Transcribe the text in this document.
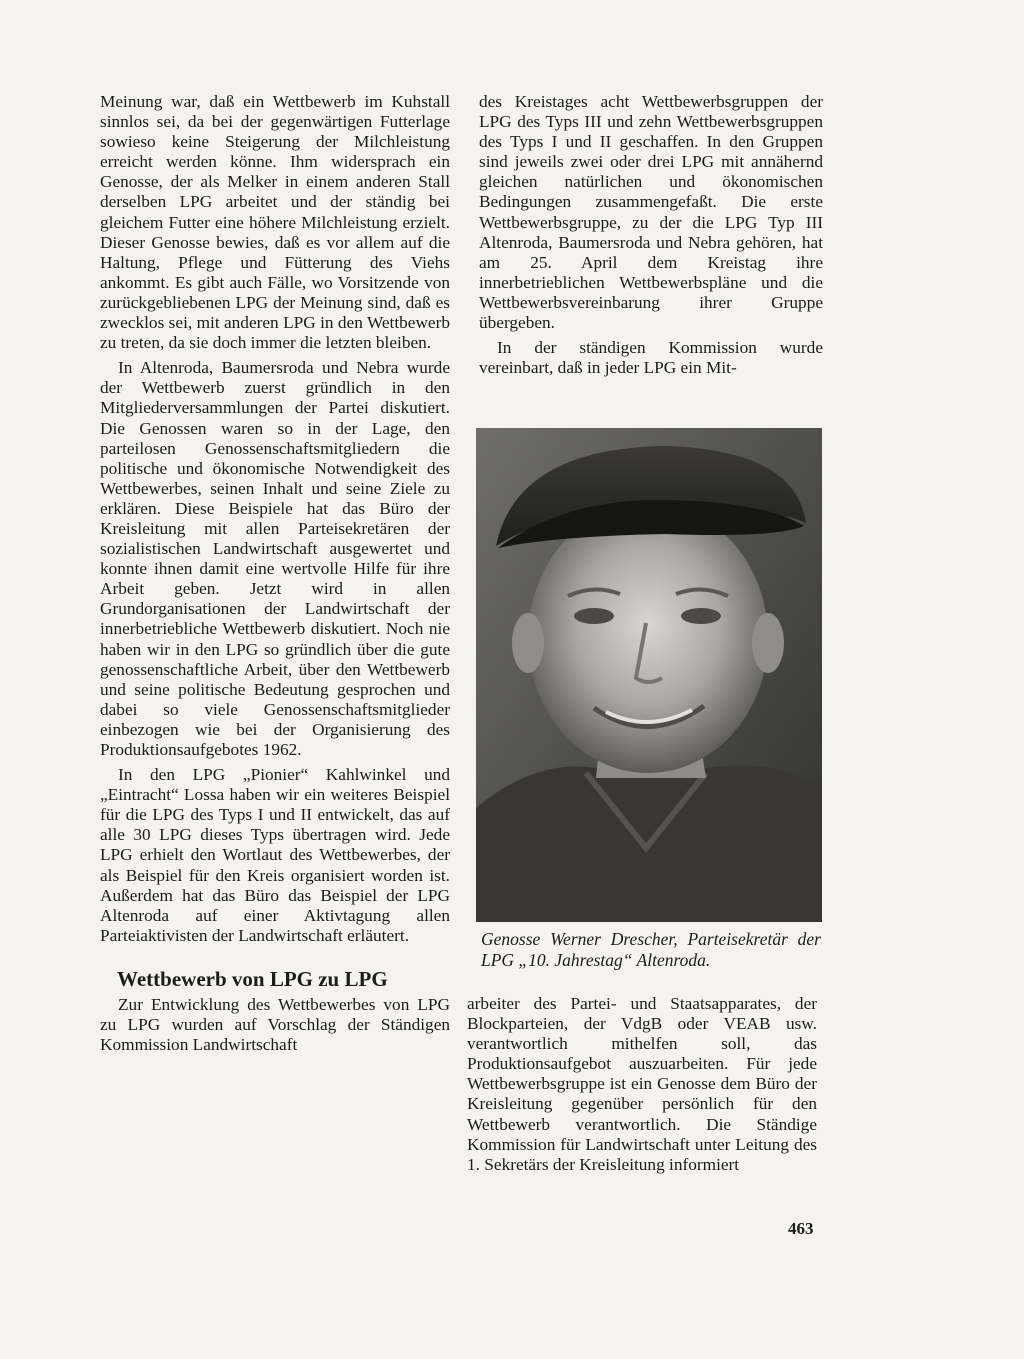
Meinung war, daß ein Wettbewerb im Kuhstall sinnlos sei, da bei der gegenwärtigen Futterlage sowieso keine Steigerung der Milchleistung erreicht werden könne. Ihm widersprach ein Genosse, der als Melker in einem anderen Stall derselben LPG arbeitet und der ständig bei gleichem Futter eine höhere Milchleistung erzielt. Dieser Genosse bewies, daß es vor allem auf die Haltung, Pflege und Fütterung des Viehs ankommt. Es gibt auch Fälle, wo Vorsitzende von zurückgebliebenen LPG der Meinung sind, daß es zwecklos sei, mit anderen LPG in den Wettbewerb zu treten, da sie doch immer die letzten bleiben.

In Altenroda, Baumersroda und Nebra wurde der Wettbewerb zuerst gründlich in den Mitgliederversammlungen der Partei diskutiert. Die Genossen waren so in der Lage, den parteilosen Genossenschaftsmitgliedern die politische und ökonomische Notwendigkeit des Wettbewerbes, seinen Inhalt und seine Ziele zu erklären. Diese Beispiele hat das Büro der Kreisleitung mit allen Parteisekretären der sozialistischen Landwirtschaft ausgewertet und konnte ihnen damit eine wertvolle Hilfe für ihre Arbeit geben. Jetzt wird in allen Grundorganisationen der Landwirtschaft der innerbetriebliche Wettbewerb diskutiert. Noch nie haben wir in den LPG so gründlich über die gute genossenschaftliche Arbeit, über den Wettbewerb und seine politische Bedeutung gesprochen und dabei so viele Genossenschaftsmitglieder einbezogen wie bei der Organisierung des Produktionsaufgebotes 1962.

In den LPG „Pionier“ Kahlwinkel und „Eintracht“ Lossa haben wir ein weiteres Beispiel für die LPG des Typs I und II entwickelt, das auf alle 30 LPG dieses Typs übertragen wird. Jede LPG erhielt den Wortlaut des Wettbewerbes, der als Beispiel für den Kreis organisiert worden ist. Außerdem hat das Büro das Beispiel der LPG Altenroda auf einer Aktivtagung allen Parteiaktivisten der Landwirtschaft erläutert.

Wettbewerb von LPG zu LPG

Zur Entwicklung des Wettbewerbes von LPG zu LPG wurden auf Vorschlag der Ständigen Kommission Landwirtschaft

des Kreistages acht Wettbewerbsgruppen der LPG des Typs III und zehn Wettbewerbsgruppen des Typs I und II geschaffen. In den Gruppen sind jeweils zwei oder drei LPG mit annähernd gleichen natürlichen und ökonomischen Bedingungen zusammengefaßt. Die erste Wettbewerbsgruppe, zu der die LPG Typ III Altenroda, Baumersroda und Nebra gehören, hat am 25. April dem Kreistag ihre innerbetrieblichen Wettbewerbspläne und die Wettbewerbsvereinbarung ihrer Gruppe übergeben.

In der ständigen Kommission wurde vereinbart, daß in jeder LPG ein Mit-

Genosse Werner Drescher, Parteisekretär der LPG „10. Jahrestag“ Altenroda.

arbeiter des Partei- und Staatsapparates, der Blockparteien, der VdgB oder VEAB usw. verantwortlich mithelfen soll, das Produktionsaufgebot auszuarbeiten. Für jede Wettbewerbsgruppe ist ein Genosse dem Büro der Kreisleitung gegenüber persönlich für den Wettbewerb verantwortlich. Die Ständige Kommission für Landwirtschaft unter Leitung des 1. Sekretärs der Kreisleitung informiert

463
